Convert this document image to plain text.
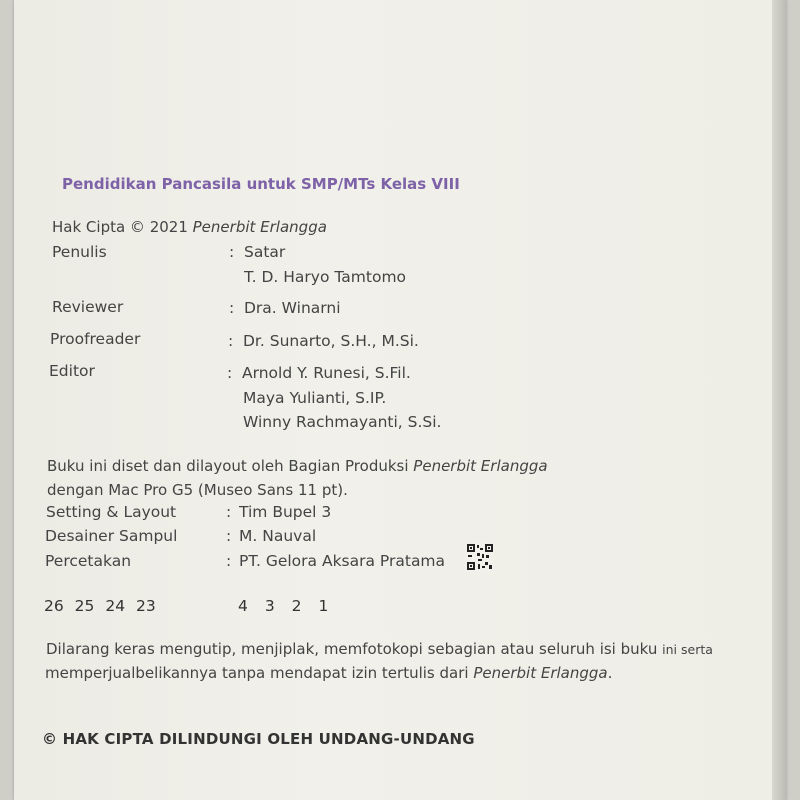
Pendidikan Pancasila untuk SMP/MTs Kelas VIII
Hak Cipta © 2021 Penerbit Erlangga
Penulis	: Satar
T. D. Haryo Tamtomo
Reviewer	: Dra. Winarni
Proofreader	: Dr. Sunarto, S.H., M.Si.
Editor	: Arnold Y. Runesi, S.Fil.
Maya Yulianti, S.IP.
Winny Rachmayanti, S.Si.
Buku ini diset dan dilayout oleh Bagian Produksi Penerbit Erlangga
dengan Mac Pro G5 (Museo Sans 11 pt).
Setting & Layout	: Tim Bupel 3
Desainer Sampul	: M. Nauval
Percetakan	: PT. Gelora Aksara Pratama
26 25 24 23	4 3 2 1
Dilarang keras mengutip, menjiplak, memfotokopi sebagian atau seluruh isi buku ini serta
memperjualbelikannya tanpa mendapat izin tertulis dari Penerbit Erlangga.
© HAK CIPTA DILINDUNGI OLEH UNDANG-UNDANG
